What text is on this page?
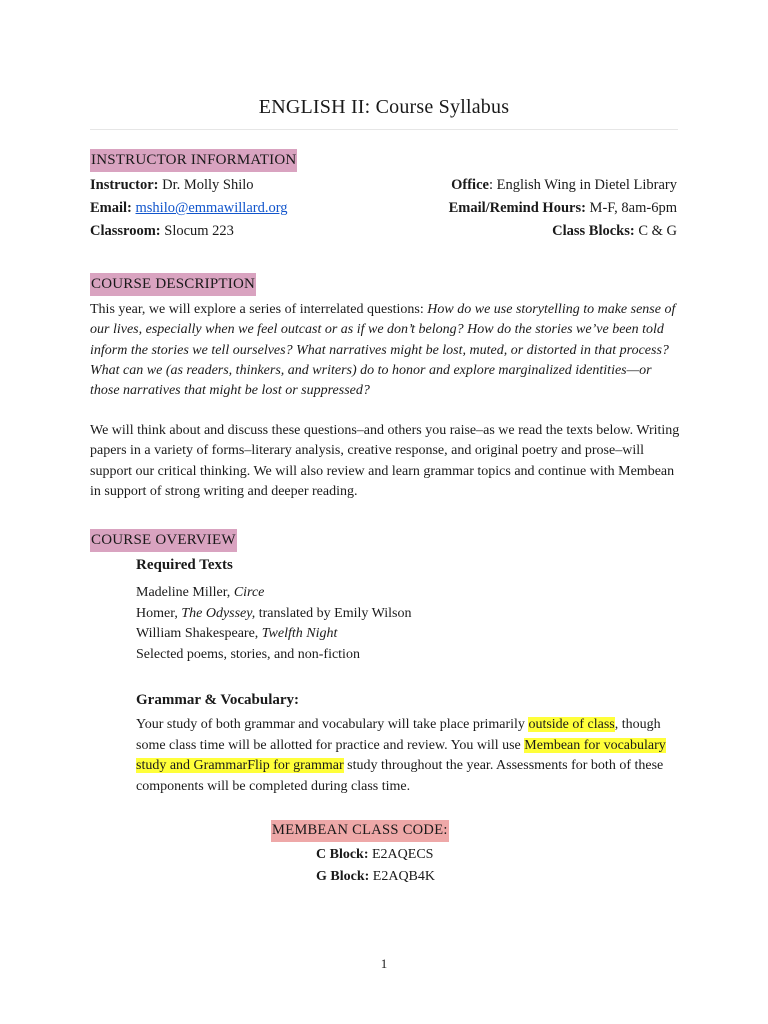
ENGLISH II: Course Syllabus
INSTRUCTOR INFORMATION
Instructor: Dr. Molly Shilo
Email: mshilo@emmawillard.org
Classroom: Slocum 223
Office: English Wing in Dietel Library
Email/Remind Hours: M-F, 8am-6pm
Class Blocks: C & G
COURSE DESCRIPTION
This year, we will explore a series of interrelated questions: How do we use storytelling to make sense of our lives, especially when we feel outcast or as if we don’t belong? How do the stories we’ve been told inform the stories we tell ourselves? What narratives might be lost, muted, or distorted in that process? What can we (as readers, thinkers, and writers) do to honor and explore marginalized identities—or those narratives that might be lost or suppressed?
We will think about and discuss these questions–and others you raise–as we read the texts below. Writing papers in a variety of forms–literary analysis, creative response, and original poetry and prose–will support our critical thinking. We will also review and learn grammar topics and continue with Membean in support of strong writing and deeper reading.
COURSE OVERVIEW
Required Texts
Madeline Miller, Circe
Homer, The Odyssey, translated by Emily Wilson
William Shakespeare, Twelfth Night
Selected poems, stories, and non-fiction
Grammar & Vocabulary:
Your study of both grammar and vocabulary will take place primarily outside of class, though some class time will be allotted for practice and review. You will use Membean for vocabulary study and GrammarFlip for grammar study throughout the year. Assessments for both of these components will be completed during class time.
MEMBEAN CLASS CODE:
C Block: E2AQECS
G Block: E2AQB4K
1
